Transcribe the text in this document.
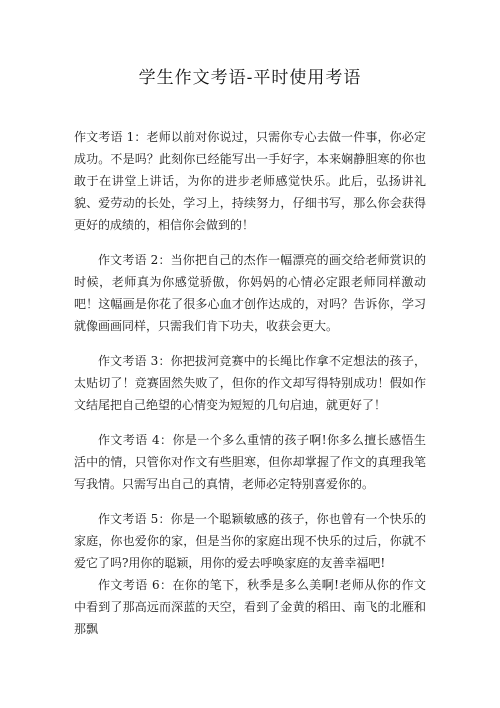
学生作文考语-平时使用考语

作文考语 1：老师以前对你说过，只需你专心去做一件事，你必定成功。不是吗？此刻你已经能写出一手好字，本来娴静胆寒的你也敢于在讲堂上讲话，为你的进步老师感觉快乐。此后，弘扬讲礼貌、爱劳动的长处，学习上，持续努力，仔细书写，那么你会获得更好的成绩的，相信你会做到的！

作文考语 2：当你把自己的杰作一幅漂亮的画交给老师赏识的时候，老师真为你感觉骄傲，你妈妈的心情必定跟老师同样激动吧！这幅画是你花了很多心血才创作达成的，对吗？告诉你，学习就像画画同样，只需我们肯下功夫，收获会更大。

作文考语 3：你把拔河竞赛中的长绳比作拿不定想法的孩子，太贴切了！竞赛固然失败了，但你的作文却写得特别成功！假如作文结尾把自己绝望的心情变为短短的几句启迪，就更好了！

作文考语 4：你是一个多么重情的孩子啊!你多么擅长感悟生活中的情，只管你对作文有些胆寒，但你却掌握了作文的真理我笔写我情。只需写出自己的真情，老师必定特别喜爱你的。

作文考语 5：你是一个聪颖敏感的孩子，你也曾有一个快乐的家庭，你也爱你的家，但是当你的家庭出现不快乐的过后，你就不爱它了吗?用你的聪颖，用你的爱去呼唤家庭的友善幸福吧!

作文考语 6：在你的笔下，秋季是多么美啊!老师从你的作文中看到了那高远而深蓝的天空，看到了金黄的稻田、南飞的北雁和那飘
